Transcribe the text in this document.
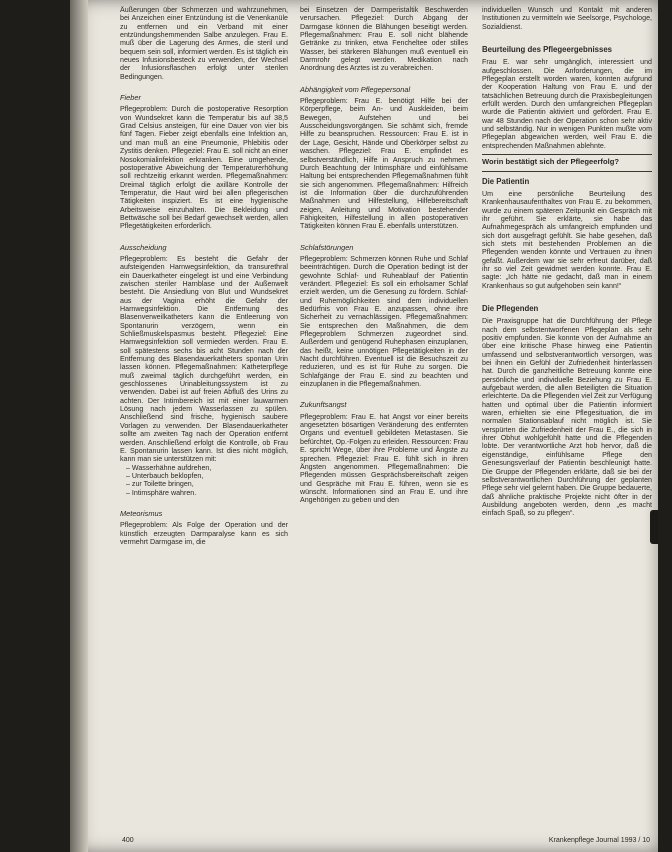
Äußerungen über Schmerzen und wahrzunehmen, bei Anzeichen einer Entzündung ist die Venenkanüle zu entfernen und ein Verband mit einer entzündungshemmenden Salbe anzulegen. Frau E. muß über die Lagerung des Armes, die steril und bequem sein soll, informiert werden. Es ist täglich ein neues Infusionsbesteck zu verwenden, der Wechsel der Infusionsflaschen erfolgt unter sterilen Bedingungen.

Fieber

Pflegeproblem: Durch die postoperative Resorption von Wundsekret kann die Temperatur bis auf 38,5 Grad Celsius ansteigen, für eine Dauer von vier bis fünf Tagen. Fieber zeigt ebenfalls eine Infektion an, und man muß an eine Pneumonie, Phlebitis oder Zystitis denken. Pflegeziel: Frau E. soll nicht an einer Nosokomialinfektion erkranken. Eine umgehende, postoperative Abweichung der Temperaturerhöhung soll rechtzeitig erkannt werden. Pflegemaßnahmen: Dreimal täglich erfolgt die axilläre Kontrolle der Temperatur, die Haut wird bei allen pflegerischen Tätigkeiten inspiziert. Es ist eine hygienische Arbeitsweise einzuhalten. Die Bekleidung und Bettwäsche soll bei Bedarf gewechselt werden, allen Pflegetätigkeiten erforderlich.

Ausscheidung

Pflegeproblem: Es besteht die Gefahr der aufsteigenden Harnwegsinfektion, da transurethral ein Dauerkatheter eingelegt ist und eine Verbindung zwischen steriler Harnblase und der Außenwelt besteht. Die Ansiedlung von Blut und Wundsekret aus der Vagina erhöht die Gefahr der Harnwegsinfektion. Die Entfernung des Blasenverweilkatheters kann die Entleerung von Spontanurin verzögern, wenn ein Schließmuskelspasmus besteht. Pflegeziel: Eine Harnwegsinfektion soll vermieden werden. Frau E. soll spätestens sechs bis acht Stunden nach der Entfernung des Blasendauerkatheters spontan Urin lassen können. Pflegemaßnahmen: Katheterpflege muß zweimal täglich durchgeführt werden, ein geschlossenes Urinableitungssystem ist zu verwenden. Dabei ist auf freien Abfluß des Urins zu achten. Der Intimbereich ist mit einer lauwarmen Lösung nach jedem Wasserlassen zu spülen. Anschließend sind frische, hygienisch saubere Vorlagen zu verwenden. Der Blasendauerkatheter sollte am zweiten Tag nach der Operation entfernt werden. Anschließend erfolgt die Kontrolle, ob Frau E. Spontanurin lassen kann. Ist dies nicht möglich, kann man sie unterstützen mit:

– Wasserhähne aufdrehen,
– Unterbauch beklopfen,
– zur Toilette bringen,
– Intimsphäre wahren.
Meteorismus

Pflegeproblem: Als Folge der Operation und der künstlich erzeugten Darmparalyse kann es sich vermehrt Darmgase im, die

bei Einsetzen der Darmperistaltik Beschwerden verursachen. Pflegeziel: Durch Abgang der Darmgase können die Blähungen beseitigt werden. Pflegemaßnahmen: Frau E. soll nicht blähende Getränke zu trinken, etwa Fencheltee oder stilles Wasser, bei stärkeren Blähungen muß eventuell ein Darmrohr gelegt werden. Medikation nach Anordnung des Arztes ist zu verabreichen.

Abhängigkeit vom Pflegepersonal

Pflegeproblem: Frau E. benötigt Hilfe bei der Körperpflege, beim An- und Auskleiden, beim Bewegen, Aufstehen und bei Ausscheidungsvorgängen. Sie schämt sich, fremde Hilfe zu beanspruchen. Ressourcen: Frau E. ist in der Lage, Gesicht, Hände und Oberkörper selbst zu waschen. Pflegeziel: Frau E. empfindet es selbstverständlich, Hilfe in Anspruch zu nehmen. Durch Beachtung der Intimsphäre und einfühlsame Haltung bei entsprechenden Pflegemaßnahmen fühlt sie sich angenommen. Pflegemaßnahmen: Hilfreich ist die Information über die durchzuführenden Maßnahmen und Hilfestellung, Hilfebereitschaft zeigen, Anleitung und Motivation bestehender Fähigkeiten, Hilfestellung in allen postoperativen Tätigkeiten können Frau E. ebenfalls unterstützen.

Schlafstörungen

Pflegeproblem: Schmerzen können Ruhe und Schlaf beeinträchtigen. Durch die Operation bedingt ist der gewohnte Schlaf- und Ruheablauf der Patientin verändert. Pflegeziel: Es soll ein erholsamer Schlaf erzielt werden, um die Genesung zu fördern. Schlaf- und Ruhemöglichkeiten sind dem individuellen Bedürfnis von Frau E. anzupassen, ohne ihre Sicherheit zu vernachlässigen. Pflegemaßnahmen: Sie entsprechen den Maßnahmen, die dem Pflegeproblem Schmerzen zugeordnet sind. Außerdem und genügend Ruhephasen einzuplanen, das heißt, keine unnötigen Pflegetätigkeiten in der Nacht durchführen. Eventuell ist die Besuchszeit zu reduzieren, und es ist für Ruhe zu sorgen. Die Schlafgänge der Frau E. sind zu beachten und einzuplanen in die Pflegemaßnahmen.

Zukunftsangst

Pflegeproblem: Frau E. hat Angst vor einer bereits angesetzten bösartigen Veränderung des entfernten Organs und eventuell gebildeten Metastasen. Sie befürchtet, Op.-Folgen zu erleiden. Ressourcen: Frau E. spricht Wege, über ihre Probleme und Ängste zu sprechen. Pflegeziel: Frau E. fühlt sich in ihren Ängsten angenommen. Pflegemaßnahmen: Die Pflegenden müssen Gesprächsbereitschaft zeigen und Gespräche mit Frau E. führen, wenn sie es wünscht. Informationen sind an Frau E. und ihre Angehörigen zu geben und den

individuellen Wunsch und Kontakt mit anderen Institutionen zu vermitteln wie Seelsorge, Psychologe, Sozialdienst.

Beurteilung des Pflegeergebnisses

Frau E. war sehr umgänglich, interessiert und aufgeschlossen. Die Anforderungen, die im Pflegeplan erstellt worden waren, konnten aufgrund der Kooperation Haltung von Frau E. und der tatsächlichen Betreuung durch die Praxisbegleitungen erfüllt werden. Durch den umfangreichen Pflegeplan wurde die Patientin aktiviert und gefördert. Frau E. war 48 Stunden nach der Operation schon sehr aktiv und selbständig. Nur in wenigen Punkten mußte vom Pflegeplan abgewichen werden, weil Frau E. die entsprechenden Maßnahmen ablehnte.

Worin bestätigt sich der Pflegeerfolg?

Die Patientin

Um eine persönliche Beurteilung des Krankenhausaufenthaltes von Frau E. zu bekommen, wurde zu einem späteren Zeitpunkt ein Gespräch mit ihr geführt. Sie erklärte, sie habe das Aufnahmegespräch als umfangreich empfunden und sich dort ausgefragt gefühlt. Sie habe gesehen, daß sich stets mit bestehenden Problemen an die Pflegenden wenden könnte und Vertrauen zu ihnen gefaßt. Außerdem war sie sehr erfreut darüber, daß ihr so viel Zeit gewidmet werden konnte. Frau E. sagte: „Ich hätte nie gedacht, daß man in einem Krankenhaus so gut aufgehoben sein kann!“

Die Pflegenden

Die Praxisgruppe hat die Durchführung der Pflege nach dem selbstentworfenen Pflegeplan als sehr positiv empfunden. Sie konnte von der Aufnahme an über eine kritische Phase hinweg eine Patientin umfassend und selbstverantwortlich versorgen, was bei ihnen ein Gefühl der Zufriedenheit hinterlassen hat. Durch die ganzheitliche Betreuung konnte eine persönliche und individuelle Beziehung zu Frau E. aufgebaut werden, die allen Beteiligten die Situation erleichterte. Da die Pflegenden viel Zeit zur Verfügung hatten und optimal über die Patientin informiert waren, erhielten sie eine Pflegesituation, die im normalen Stationsablauf nicht möglich ist. Sie verspürten die Zufriedenheit der Frau E., die sich in ihrer Obhut wohlgefühlt hatte und die Pflegenden lobte. Der verantwortliche Arzt hob hervor, daß die eigenständige, einfühlsame Pflege den Genesungsverlauf der Patientin beschleunigt hatte. Die Gruppe der Pflegenden erklärte, daß sie bei der selbstverantwortlichen Durchführung der geplanten Pflege sehr viel gelernt haben. Die Gruppe bedauerte, daß ähnliche praktische Projekte nicht öfter in der Ausbildung angeboten werden, denn „es macht einfach Spaß, so zu pflegen“.

400	Krankenpflege Journal 1993 / 10
